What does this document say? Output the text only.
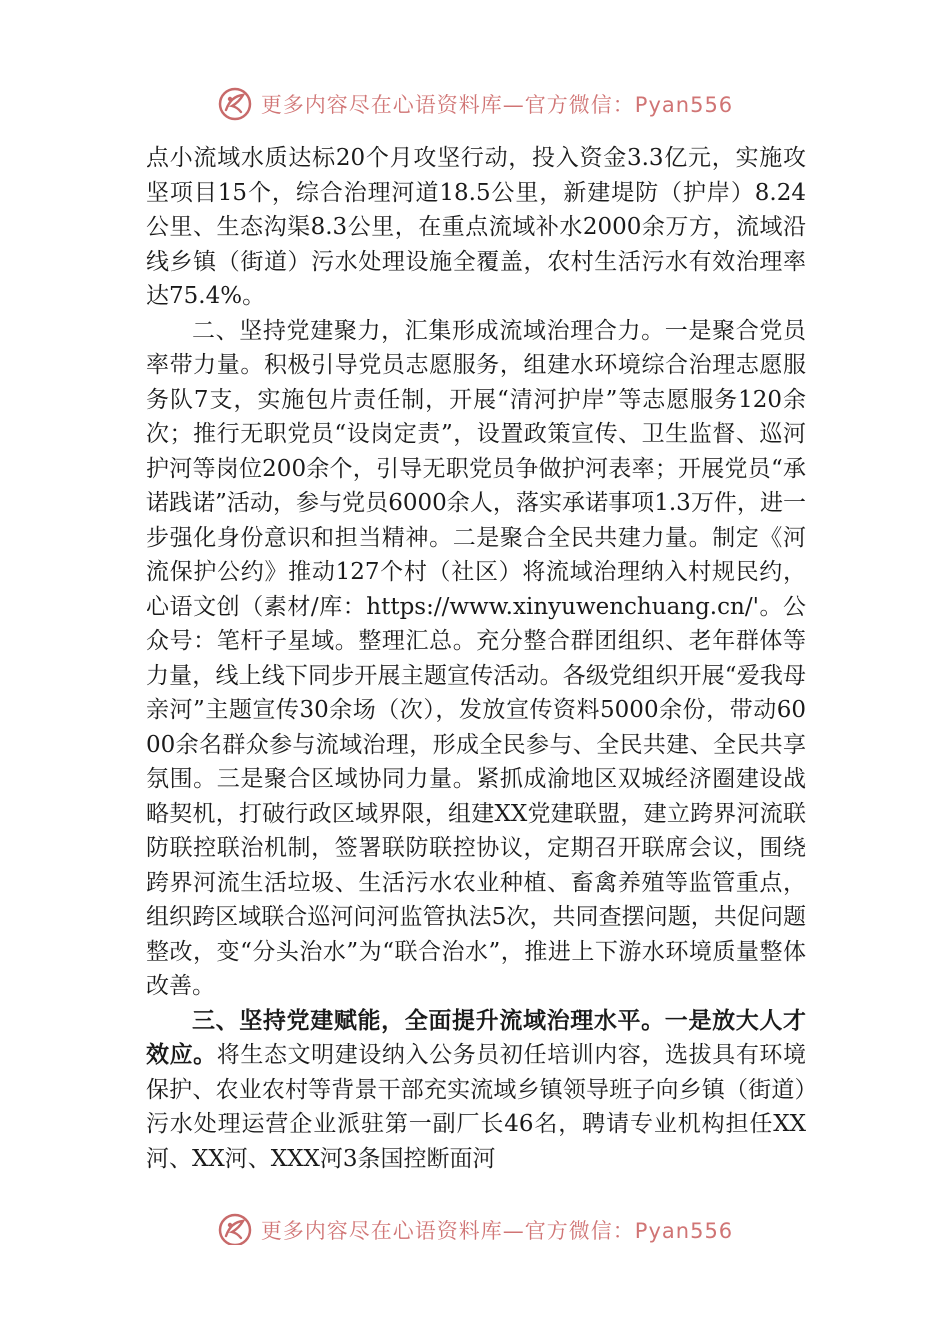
更多内容尽在心语资料库—官方微信：Pyan556

点小流域水质达标20个月攻坚行动，投入资金3.3亿元，实施攻坚项目15个，综合治理河道18.5公里，新建堤防（护岸）8.24公里、生态沟渠8.3公里，在重点流域补水2000余万方，流域沿线乡镇（街道）污水处理设施全覆盖，农村生活污水有效治理率达75.4%。

二、坚持党建聚力，汇集形成流域治理合力。一是聚合党员率带力量。积极引导党员志愿服务，组建水环境综合治理志愿服务队7支，实施包片责任制，开展“清河护岸”等志愿服务120余次；推行无职党员“设岗定责”，设置政策宣传、卫生监督、巡河护河等岗位200余个，引导无职党员争做护河表率；开展党员“承诺践诺”活动，参与党员6000余人，落实承诺事项1.3万件，进一步强化身份意识和担当精神。二是聚合全民共建力量。制定《河流保护公约》推动127个村（社区）将流域治理纳入村规民约，心语文创（素材/库：https://www.xinyuwenchuang.cn/'。公众号：笔杆子星域。整理汇总。充分整合群团组织、老年群体等力量，线上线下同步开展主题宣传活动。各级党组织开展“爱我母亲河”主题宣传30余场（次），发放宣传资料5000余份，带动6000余名群众参与流域治理，形成全民参与、全民共建、全民共享氛围。三是聚合区域协同力量。紧抓成渝地区双城经济圈建设战略契机，打破行政区域界限，组建XX党建联盟，建立跨界河流联防联控联治机制，签署联防联控协议，定期召开联席会议，围绕跨界河流生活垃圾、生活污水农业种植、畜禽养殖等监管重点，组织跨区域联合巡河问河监管执法5次，共同查摆问题，共促问题整改，变“分头治水”为“联合治水”，推进上下游水环境质量整体改善。

三、坚持党建赋能，全面提升流域治理水平。一是放大人才效应。将生态文明建设纳入公务员初任培训内容，选拔具有环境保护、农业农村等背景干部充实流域乡镇领导班子向乡镇（街道）污水处理运营企业派驻第一副厂长46名，聘请专业机构担任XX河、XX河、XXX河3条国控断面河

更多内容尽在心语资料库—官方微信：Pyan556
